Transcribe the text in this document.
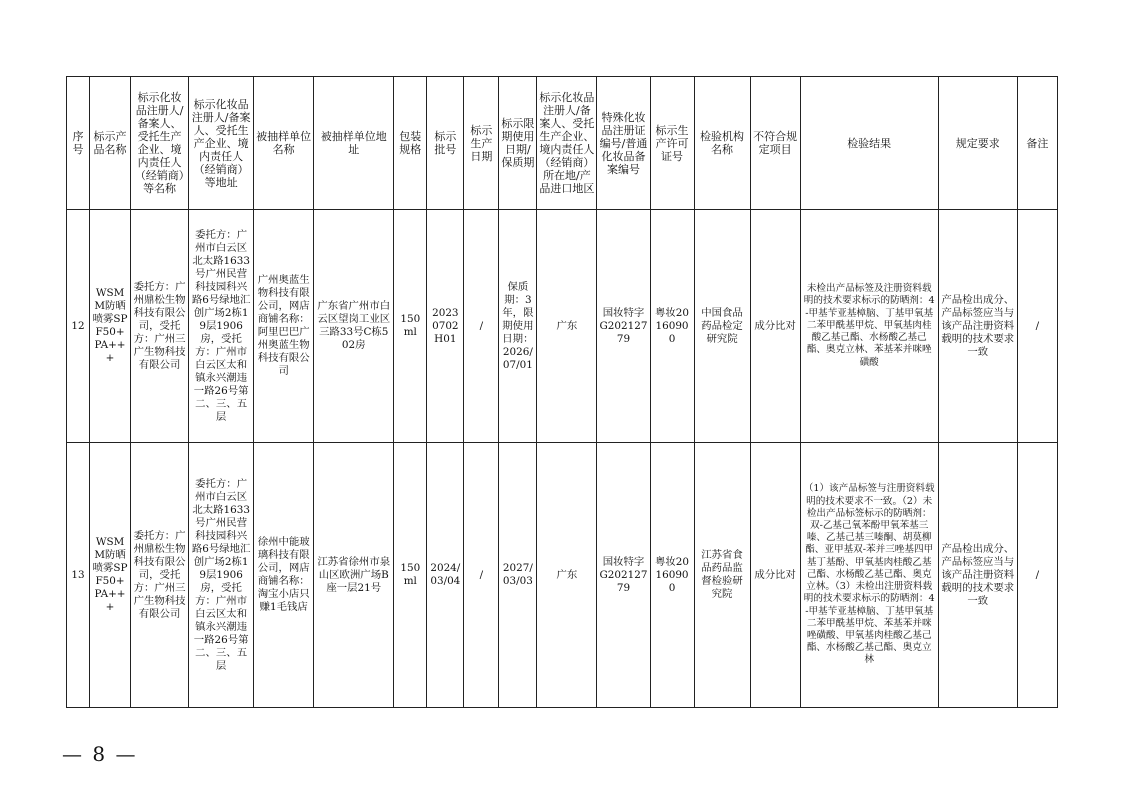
序号	标示产品名称	标示化妆品注册人/备案人、受托生产企业、境内责任人（经销商）等名称	标示化妆品注册人/备案人、受托生产企业、境内责任人（经销商）等地址	被抽样单位名称	被抽样单位地址	包装规格	标示批号	标示生产日期	标示限期使用日期/保质期	标示化妆品注册人/备案人、受托生产企业、境内责任人（经销商）所在地/产品进口地区	特殊化妆品注册证编号/普通化妆品备案编号	标示生产许可证号	检验机构名称	不符合规定项目	检验结果	规定要求	备注
12	WSMM防晒喷雾SPF50+PA+++	委托方：广州鼎松生物科技有限公司，受托方：广州三广生物科技有限公司	委托方：广州市白云区北太路1633号广州民营科技园科兴路6号绿地汇创广场2栋19层1906房，受托方：广州市白云区太和镇永兴潮违一路26号第二、三、五层	广州奥蓝生物科技有限公司，网店商铺名称：阿里巴巴广州奥蓝生物科技有限公司	广东省广州市白云区望岗工业区三路33号C栋502房	150ml	20230702H01	/	保质期：3年，限期使用日期：2026/07/01	广东	国妆特字G20212779	粤妆20160900	中国食品药品检定研究院	成分比对	未检出产品标签及注册资料载明的技术要求标示的防晒剂：4-甲基苄亚基樟脑、丁基甲氧基二苯甲酰基甲烷、甲氧基肉桂酸乙基己酯、水杨酸乙基己酯、奥克立林、苯基苯并咪唑磺酸	产品检出成分、产品标签应当与该产品注册资料载明的技术要求一致	/
13	WSMM防晒喷雾SPF50+PA+++	委托方：广州鼎松生物科技有限公司，受托方：广州三广生物科技有限公司	委托方：广州市白云区北太路1633号广州民营科技园科兴路6号绿地汇创广场2栋19层1906房，受托方：广州市白云区太和镇永兴潮违一路26号第二、三、五层	徐州中能玻璃科技有限公司，网店商铺名称：淘宝小店只赚1毛钱店	江苏省徐州市泉山区欧洲广场B座一层21号	150ml	2024/03/04	/	2027/03/03	广东	国妆特字G20212779	粤妆20160900	江苏省食品药品监督检验研究院	成分比对	（1）该产品标签与注册资料载明的技术要求不一致。（2）未检出产品标签标示的防晒剂：双-乙基己氧苯酚甲氧苯基三嗪、乙基己基三嗪酮、胡莫柳酯、亚甲基双-苯并三唑基四甲基丁基酚、甲氧基肉桂酸乙基己酯、水杨酸乙基己酯、奥克立林。（3）未检出注册资料载明的技术要求标示的防晒剂：4-甲基苄亚基樟脑、丁基甲氧基二苯甲酰基甲烷、苯基苯并咪唑磺酸、甲氧基肉桂酸乙基己酯、水杨酸乙基己酯、奥克立林	产品检出成分、产品标签应当与该产品注册资料载明的技术要求一致	/
— 8 —
